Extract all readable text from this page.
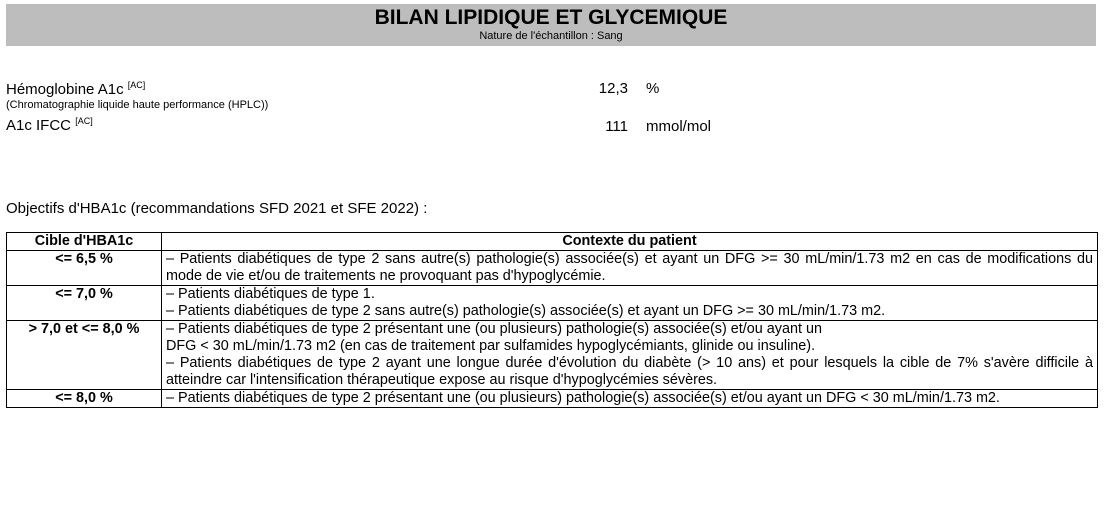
BILAN LIPIDIQUE ET GLYCEMIQUE
Nature de l'échantillon : Sang
Hémoglobine A1c [AC]
(Chromatographie liquide haute performance (HPLC))
12,3 %
A1c IFCC [AC]	111 mmol/mol
Objectifs d'HBA1c (recommandations SFD 2021 et SFE 2022) :
Cible d'HBA1c	Contexte du patient
<= 6,5 %	– Patients diabétiques de type 2 sans autre(s) pathologie(s) associée(s) et ayant un DFG >= 30 mL/min/1.73 m2 en cas de modifications du mode de vie et/ou de traitements ne provoquant pas d'hypoglycémie.

<= 7,0 %	– Patients diabétiques de type 1.
– Patients diabétiques de type 2 sans autre(s) pathologie(s) associée(s) et ayant un DFG >= 30 mL/min/1.73 m2.

> 7,0 et <= 8,0 %	– Patients diabétiques de type 2 présentant une (ou plusieurs) pathologie(s) associée(s) et/ou ayant un
DFG < 30 mL/min/1.73 m2 (en cas de traitement par sulfamides hypoglycémiants, glinide ou insuline).
– Patients diabétiques de type 2 ayant une longue durée d'évolution du diabète (> 10 ans) et pour lesquels la cible de 7% s'avère difficile à atteindre car l'intensification thérapeutique expose au risque d'hypoglycémies sévères.

<= 8,0 %	– Patients diabétiques de type 2 présentant une (ou plusieurs) pathologie(s) associée(s) et/ou ayant un DFG < 30 mL/min/1.73 m2.
